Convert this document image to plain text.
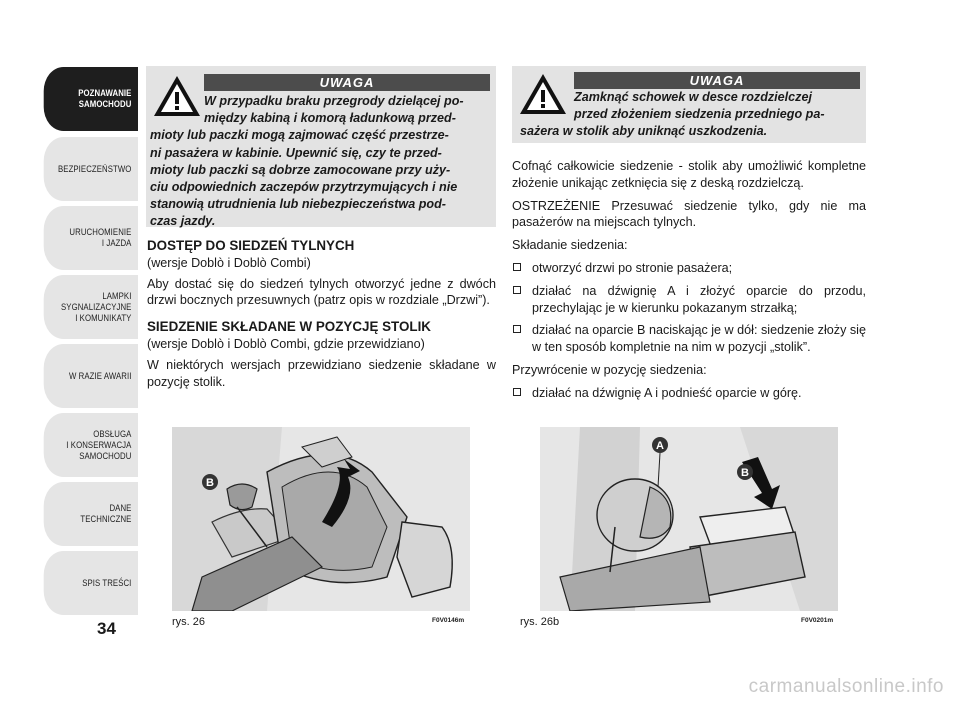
POZNAWANIE
SAMOCHODU
BEZPIECZEŃSTWO
URUCHOMIENIE
I JAZDA
LAMPKI
SYGNALIZACYJNE
I KOMUNIKATY
W RAZIE AWARII
OBSŁUGA
I KONSERWACJA
SAMOCHODU
DANE
TECHNICZNE
SPIS TREŚCI
34
UWAGA
W przypadku braku przegrody dzielącej po-
między kabiną i komorą ładunkową przed-
mioty lub paczki mogą zajmować część przestrze-
ni pasażera w kabinie. Upewnić się, czy te przed-
mioty lub paczki są dobrze zamocowane przy uży-
ciu odpowiednich zaczepów przytrzymujących i nie
stanowią utrudnienia lub niebezpieczeństwa pod-
czas jazdy.
UWAGA
Zamknąć schowek w desce rozdzielczej
przed złożeniem siedzenia przedniego pa-
sażera w stolik aby uniknąć uszkodzenia.

DOSTĘP DO SIEDZEŃ TYLNYCH

(wersje Doblò i Doblò Combi)

Aby dostać się do siedzeń tylnych otworzyć jedne z dwóch drzwi bocznych przesuwnych (patrz opis w rozdziale „Drzwi”).

SIEDZENIE SKŁADANE W POZYCJĘ STOLIK

(wersje Doblò i Doblò Combi, gdzie przewidziano)

W niektórych wersjach przewidziano siedzenie składane w pozycję stolik.

Cofnąć całkowicie siedzenie - stolik aby umożliwić kompletne złożenie unikając zetknięcia się z deską rozdzielczą.

OSTRZEŻENIE Przesuwać siedzenie tylko, gdy nie ma pasażerów na miejscach tylnych.

Składanie siedzenia:

otworzyć drzwi po stronie pasażera;

działać na dźwignię A i złożyć oparcie do przodu, przechylając je w kierunku pokazanym strzałką;

działać na oparcie B naciskając je w dół: siedzenie złoży się w ten sposób kompletnie na nim w pozycji „stolik”.

Przywrócenie w pozycję siedzenia:

działać na dźwignię A i podnieść oparcie w górę.

B
rys. 26	F0V0146m
A
B
rys. 26b	F0V0201m
carmanualsonline.info
